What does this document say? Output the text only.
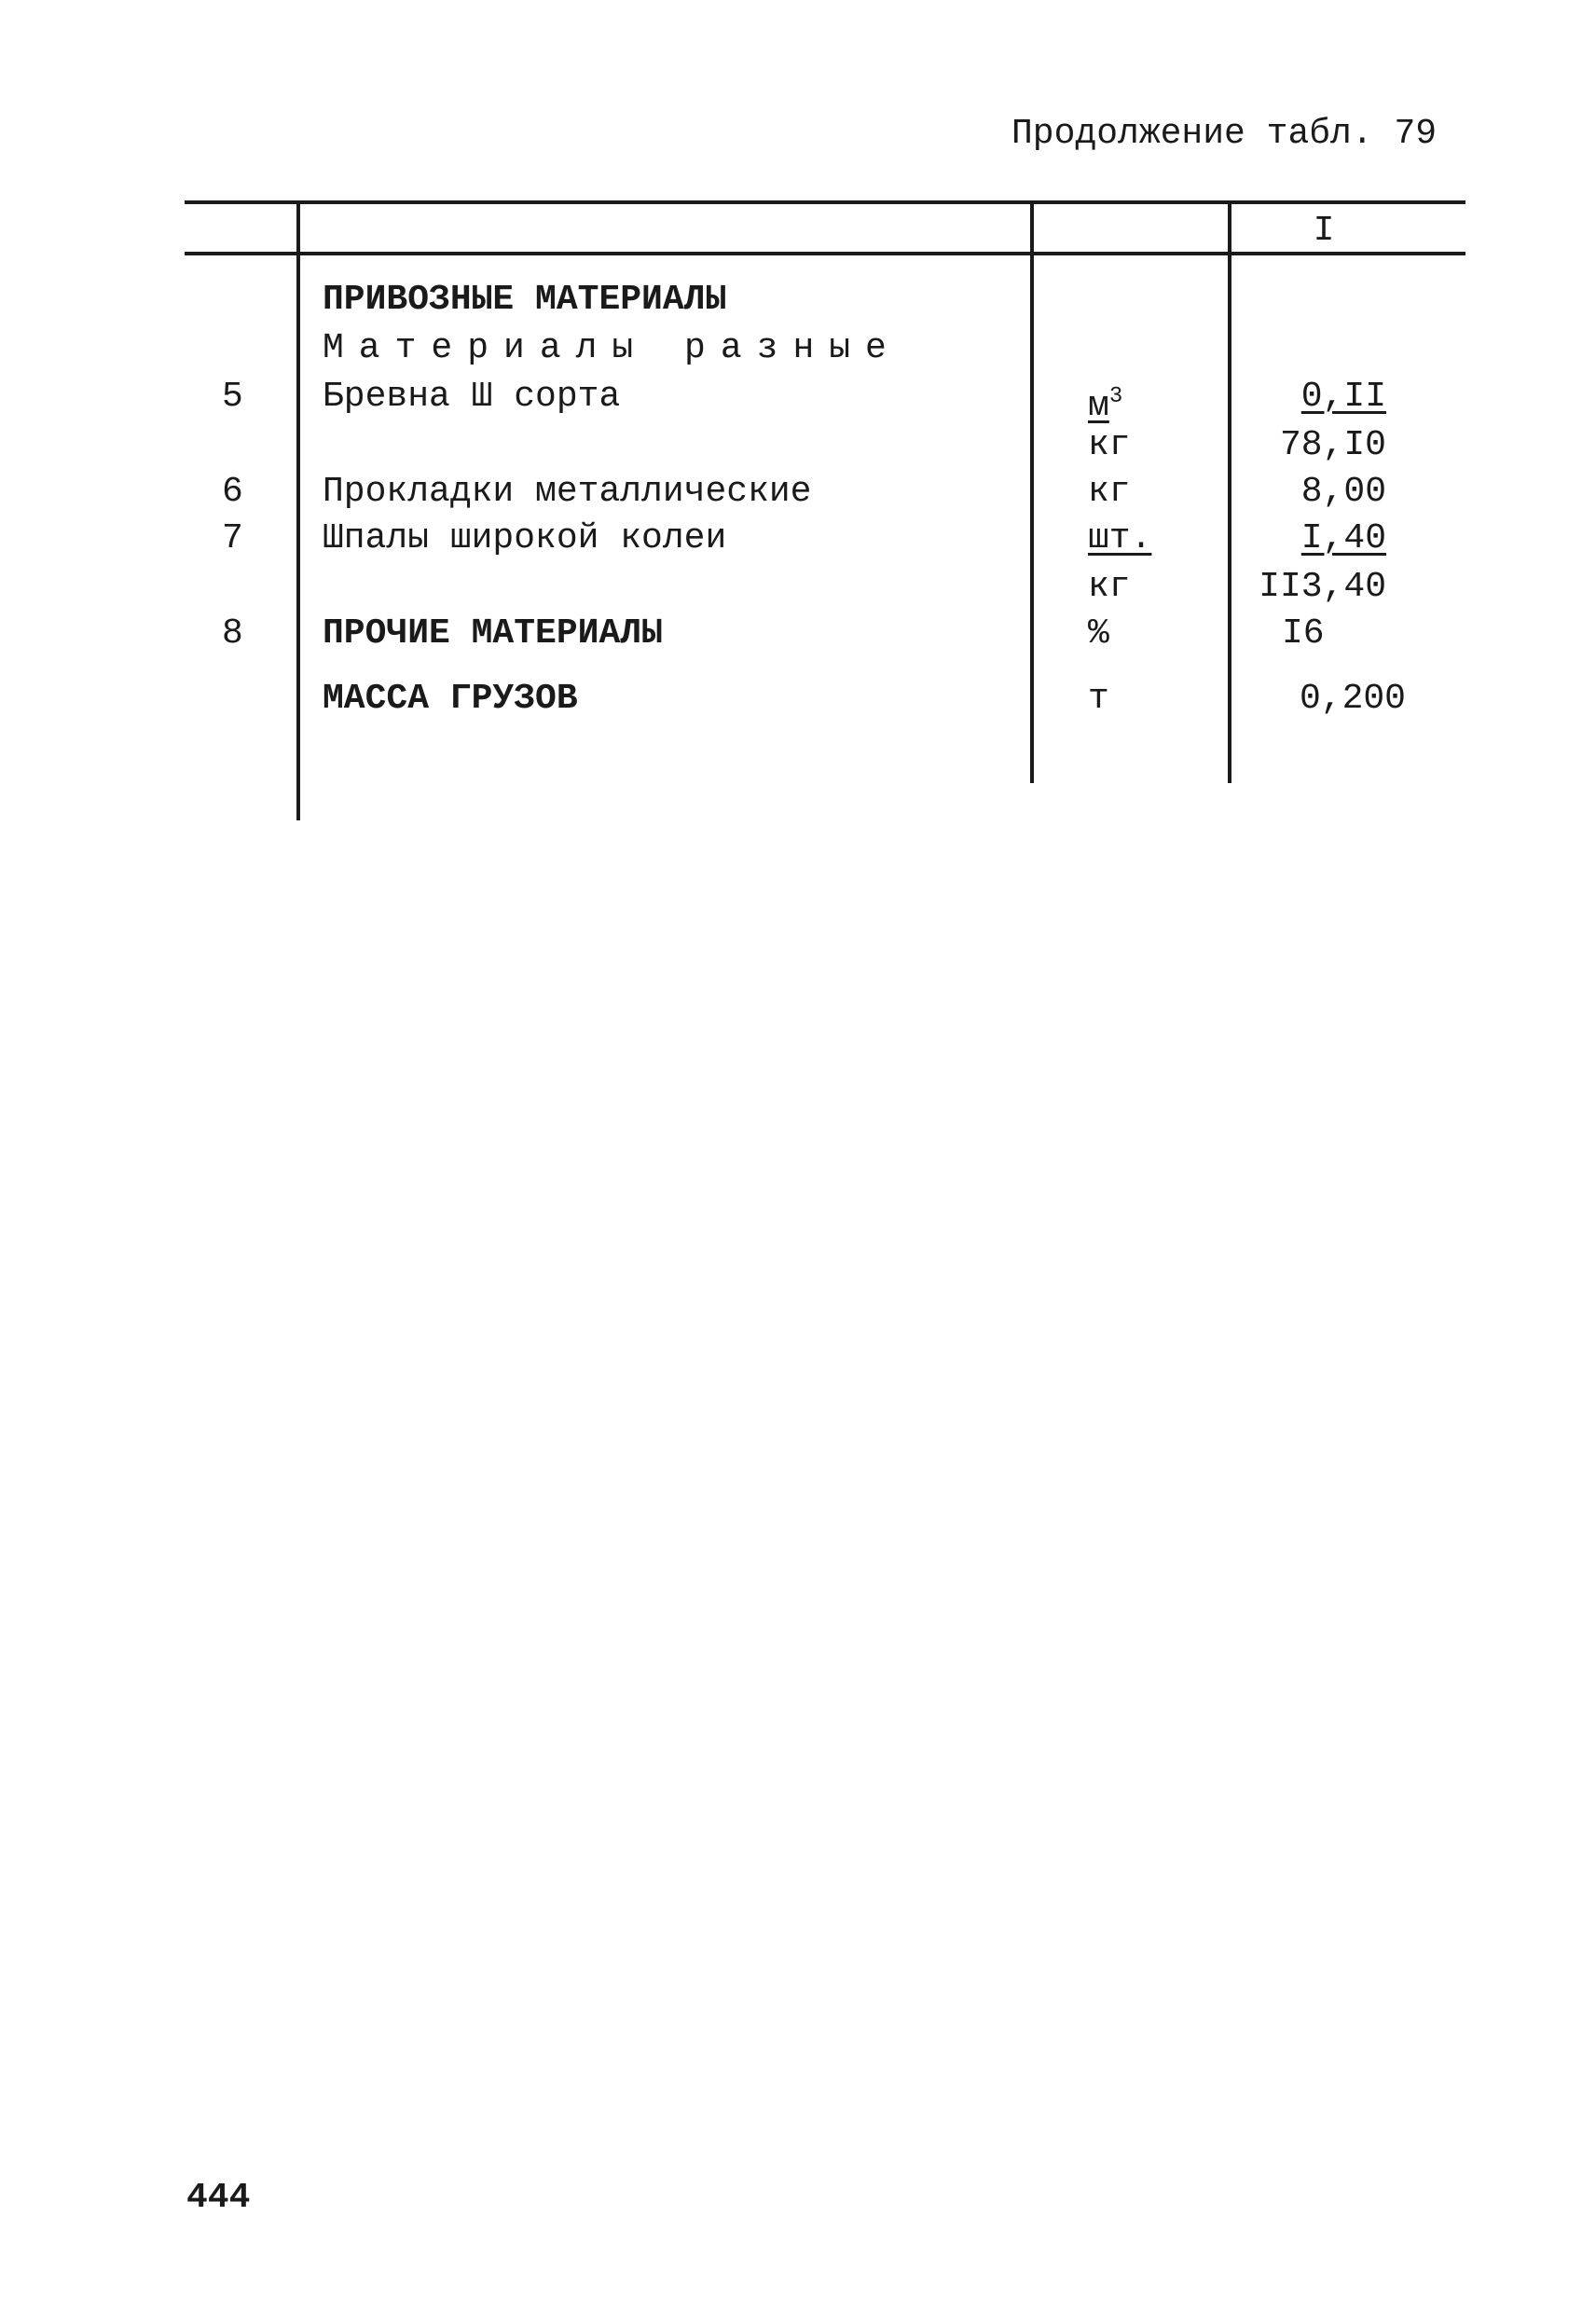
Продолжение табл. 79
I
ПРИВОЗНЫЕ МАТЕРИАЛЫ
Материалы разные
5 Бревна Ш сорта	$м^3$	0,II
кг	78,I0
6 Прокладки металлические	кг	8,00
7 Шпалы широкой колеи	шт.	I,40
кг	II3,40
8 ПРОЧИЕ МАТЕРИАЛЫ	%	I6
МАССА ГРУЗОВ	т	0,200
444
